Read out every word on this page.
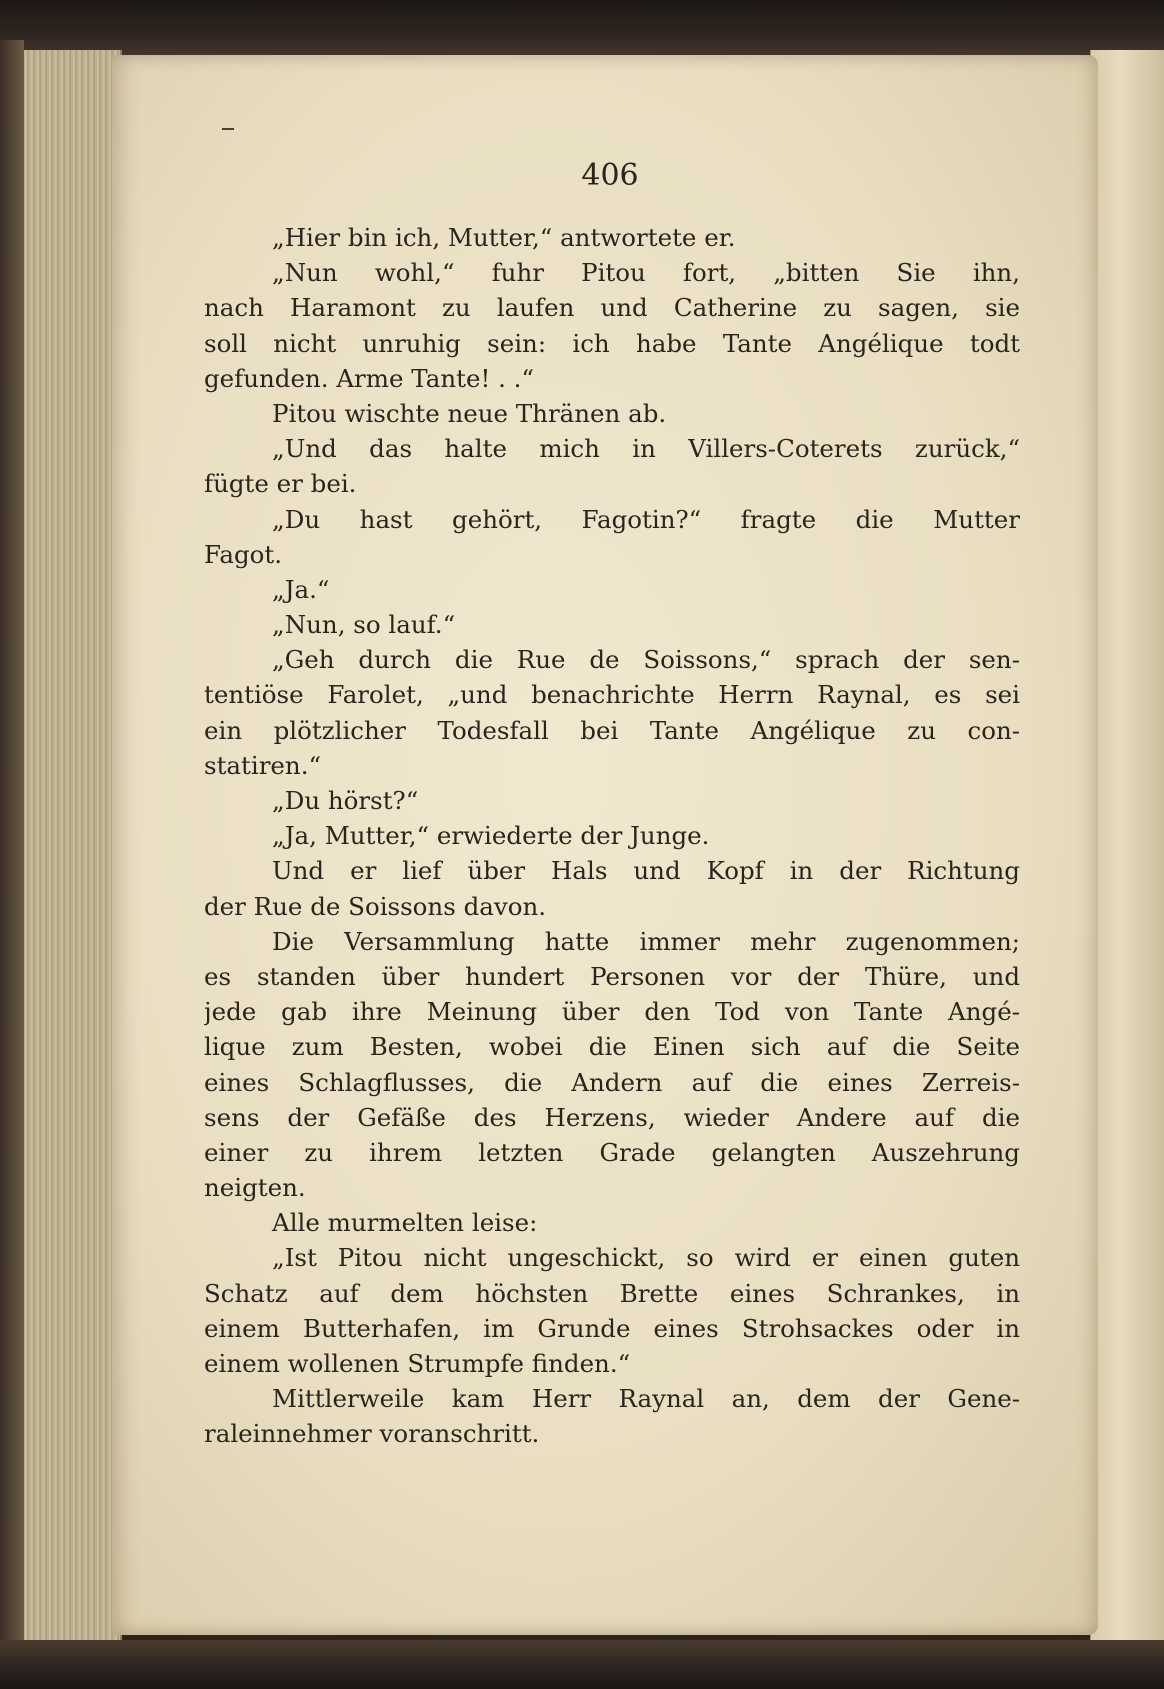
406
„Hier bin ich, Mutter,“ antwortete er.
„Nun wohl,“ fuhr Pitou fort, „bitten Sie ihn,
nach Haramont zu laufen und Catherine zu sagen, sie
soll nicht unruhig sein: ich habe Tante Angélique todt
gefunden. Arme Tante! . .“
Pitou wischte neue Thränen ab.
„Und das halte mich in Villers-Coterets zurück,“
fügte er bei.
„Du hast gehört, Fagotin?“ fragte die Mutter
Fagot.
„Ja.“
„Nun, so lauf.“
„Geh durch die Rue de Soissons,“ sprach der sen-
tentiöse Farolet, „und benachrichte Herrn Raynal, es sei
ein plötzlicher Todesfall bei Tante Angélique zu con-
statiren.“
„Du hörst?“
„Ja, Mutter,“ erwiederte der Junge.
Und er lief über Hals und Kopf in der Richtung
der Rue de Soissons davon.
Die Versammlung hatte immer mehr zugenommen;
es standen über hundert Personen vor der Thüre, und
jede gab ihre Meinung über den Tod von Tante Angé-
lique zum Besten, wobei die Einen sich auf die Seite
eines Schlagflusses, die Andern auf die eines Zerreis-
sens der Gefäße des Herzens, wieder Andere auf die
einer zu ihrem letzten Grade gelangten Auszehrung
neigten.
Alle murmelten leise:
„Ist Pitou nicht ungeschickt, so wird er einen guten
Schatz auf dem höchsten Brette eines Schrankes, in
einem Butterhafen, im Grunde eines Strohsackes oder in
einem wollenen Strumpfe finden.“
Mittlerweile kam Herr Raynal an, dem der Gene-
raleinnehmer voranschritt.
